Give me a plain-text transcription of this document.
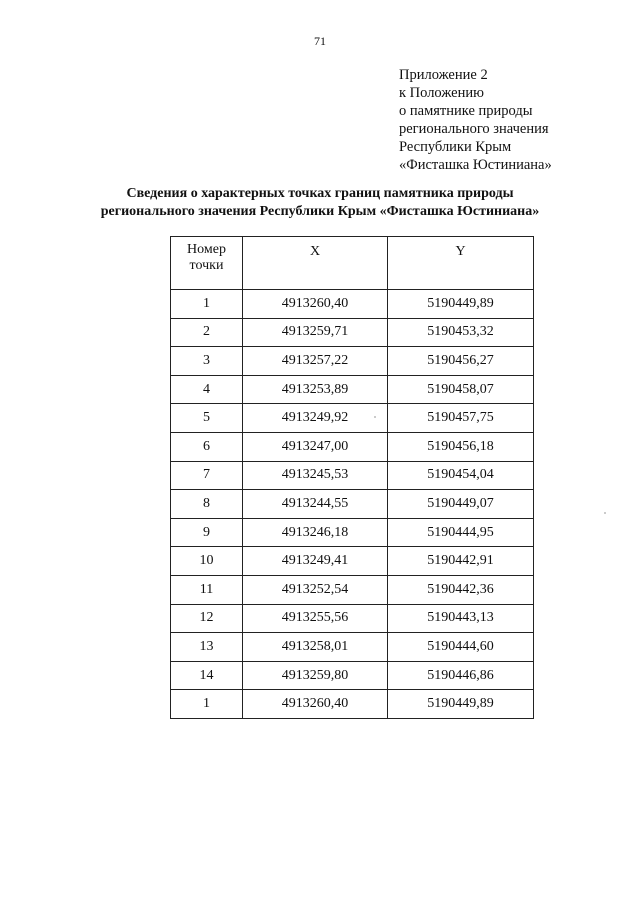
71
Приложение 2
к Положению
о памятнике природы
регионального значения
Республики Крым
«Фисташка Юстиниана»
Сведения о характерных точках границ памятника природы
регионального значения Республики Крым «Фисташка Юстиниана»
Номер
точки	X	Y
1	4913260,40	5190449,89
2	4913259,71	5190453,32
3	4913257,22	5190456,27
4	4913253,89	5190458,07
5	4913249,92	5190457,75
6	4913247,00	5190456,18
7	4913245,53	5190454,04
8	4913244,55	5190449,07
9	4913246,18	5190444,95
10	4913249,41	5190442,91
11	4913252,54	5190442,36
12	4913255,56	5190443,13
13	4913258,01	5190444,60
14	4913259,80	5190446,86
1	4913260,40	5190449,89
